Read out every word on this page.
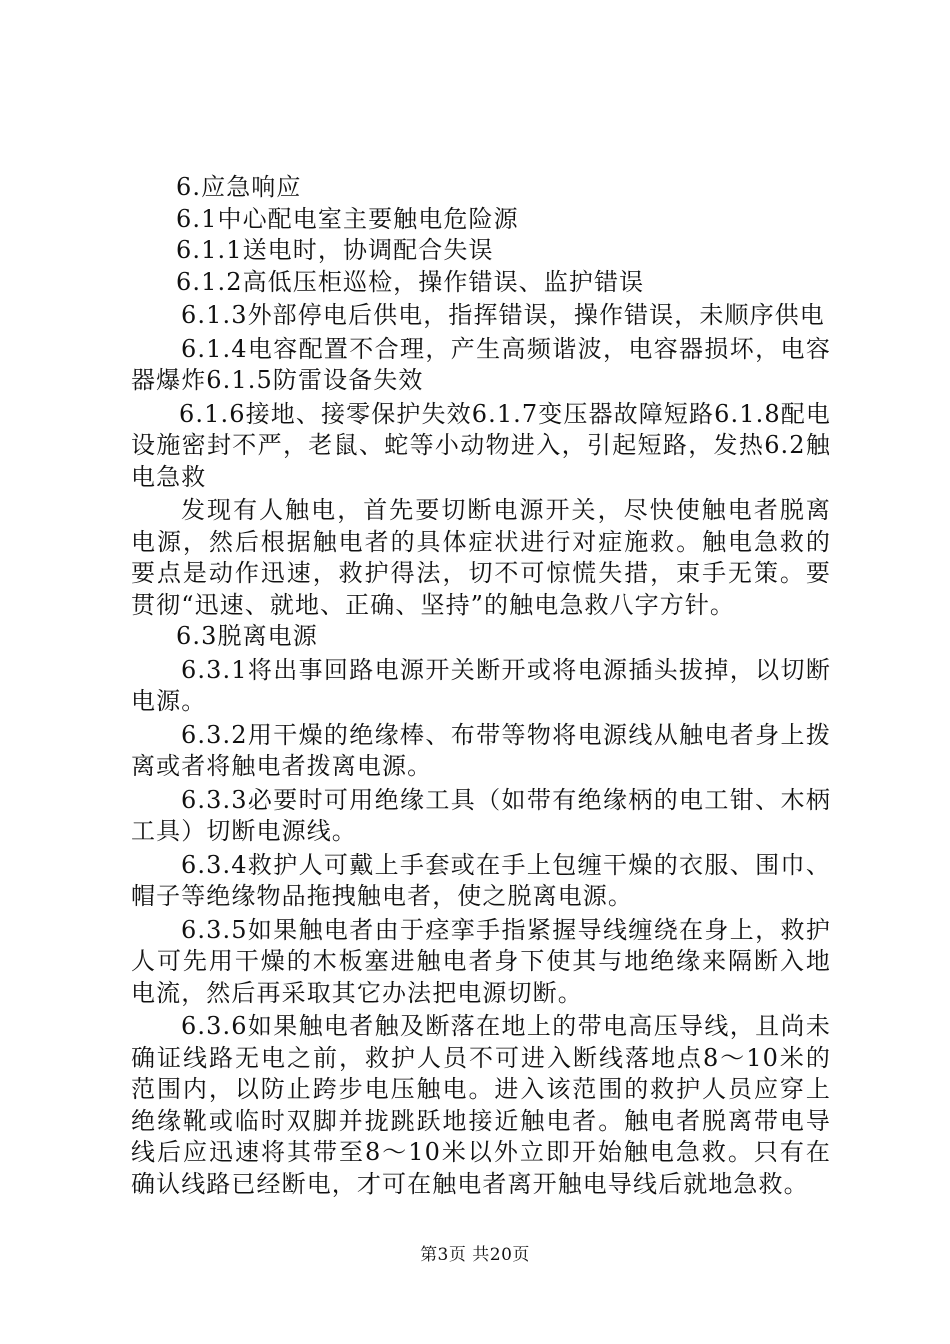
6.应急响应

6.1中心配电室主要触电危险源

6.1.1送电时，协调配合失误

6.1.2高低压柜巡检，操作错误、监护错误

6.1.3外部停电后供电，指挥错误，操作错误，未顺序供电

6.1.4电容配置不合理，产生高频谐波，电容器损坏，电容器爆炸6.1.5防雷设备失效

6.1.6接地、接零保护失效6.1.7变压器故障短路6.1.8配电设施密封不严，老鼠、蛇等小动物进入，引起短路，发热6.2触电急救

发现有人触电，首先要切断电源开关，尽快使触电者脱离电源，然后根据触电者的具体症状进行对症施救。触电急救的要点是动作迅速，救护得法，切不可惊慌失措，束手无策。要贯彻“迅速、就地、正确、坚持”的触电急救八字方针。

6.3脱离电源

6.3.1将出事回路电源开关断开或将电源插头拔掉，以切断电源。

6.3.2用干燥的绝缘棒、布带等物将电源线从触电者身上拨离或者将触电者拨离电源。

6.3.3必要时可用绝缘工具（如带有绝缘柄的电工钳、木柄工具）切断电源线。

6.3.4救护人可戴上手套或在手上包缠干燥的衣服、围巾、帽子等绝缘物品拖拽触电者，使之脱离电源。

6.3.5如果触电者由于痉挛手指紧握导线缠绕在身上，救护人可先用干燥的木板塞进触电者身下使其与地绝缘来隔断入地电流，然后再采取其它办法把电源切断。

6.3.6如果触电者触及断落在地上的带电高压导线，且尚未确证线路无电之前，救护人员不可进入断线落地点8～10米的范围内，以防止跨步电压触电。进入该范围的救护人员应穿上绝缘靴或临时双脚并拢跳跃地接近触电者。触电者脱离带电导线后应迅速将其带至8～10米以外立即开始触电急救。只有在确认线路已经断电，才可在触电者离开触电导线后就地急救。

第3页 共20页
